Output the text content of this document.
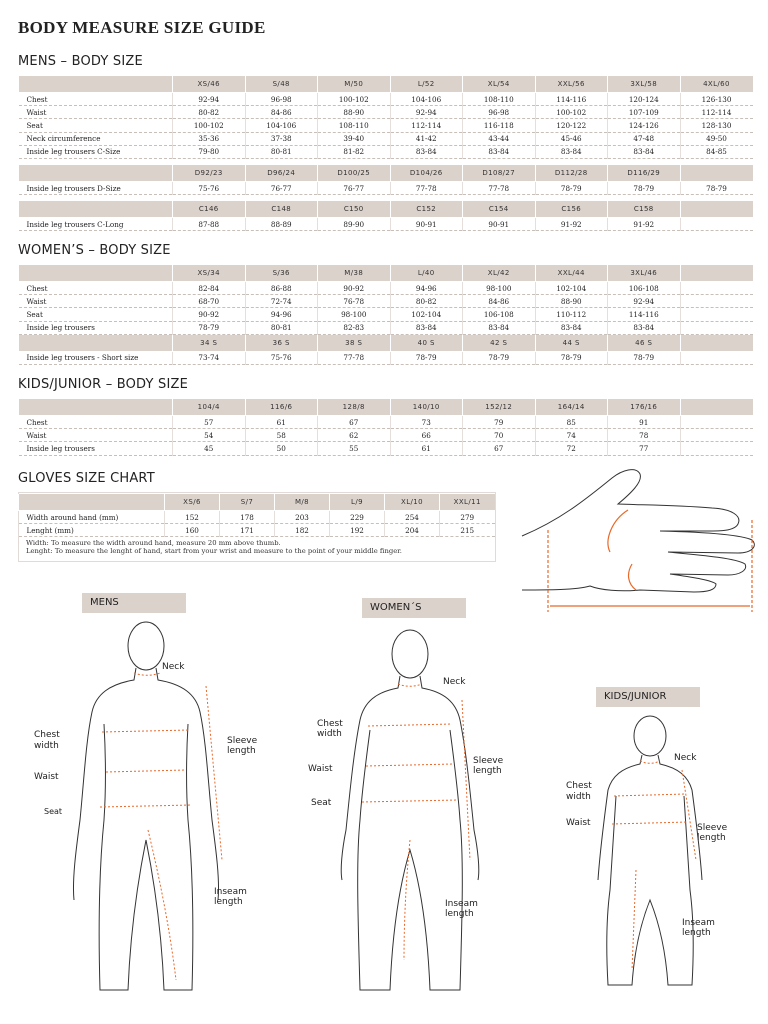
BODY MEASURE SIZE GUIDE
MENS – BODY SIZE
	XS/46	S/48	M/50	L/52	XL/54	XXL/56	3XL/58	4XL/60
Chest	92-94	96-98	100-102	104-106	108-110	114-116	120-124	126-130
Waist	80-82	84-86	88-90	92-94	96-98	100-102	107-109	112-114
Seat	100-102	104-106	108-110	112-114	116-118	120-122	124-126	128-130
Neck circumference	35-36	37-38	39-40	41-42	43-44	45-46	47-48	49-50
Inside leg trousers C-Size	79-80	80-81	81-82	83-84	83-84	83-84	83-84	84-85

	D92/23	D96/24	D100/25	D104/26	D108/27	D112/28	D116/29	
Inside leg trousers D-Size	75-76	76-77	76-77	77-78	77-78	78-79	78-79	78-79

	C146	C148	C150	C152	C154	C156	C158	
Inside leg trousers C-Long	87-88	88-89	89-90	90-91	90-91	91-92	91-92	
WOMEN’S – BODY SIZE
	XS/34	S/36	M/38	L/40	XL/42	XXL/44	3XL/46	
Chest	82-84	86-88	90-92	94-96	98-100	102-104	106-108	
Waist	68-70	72-74	76-78	80-82	84-86	88-90	92-94	
Seat	90-92	94-96	98-100	102-104	106-108	110-112	114-116	
Inside leg trousers	78-79	80-81	82-83	83-84	83-84	83-84	83-84	
	34 S	36 S	38 S	40 S	42 S	44 S	46 S	
Inside leg trousers - Short size	73-74	75-76	77-78	78-79	78-79	78-79	78-79	
KIDS/JUNIOR – BODY SIZE
	104/4	116/6	128/8	140/10	152/12	164/14	176/16	
Chest	57	61	67	73	79	85	91	
Waist	54	58	62	66	70	74	78	
Inside leg trousers	45	50	55	61	67	72	77	
GLOVES SIZE CHART
	XS/6	S/7	M/8	L/9	XL/10	XXL/11
Width around hand (mm)	152	178	203	229	254	279
Lenght (mm)	160	171	182	192	204	215
Width: To measure the width around hand, measure 20 mm above thumb.
Lenght: To measure the lenght of hand, start from your wrist and measure to the point of your middle finger.
MENS	WOMEN´S
KIDS/JUNIOR
Neck
Chest
width
Waist
Seat
Sleeve
length
Inseam
length
Neck
Chest
width
Waist
Seat
Sleeve
length
Inseam
length
Neck
Chest
width
Waist	Sleeve
length
Inseam
length
